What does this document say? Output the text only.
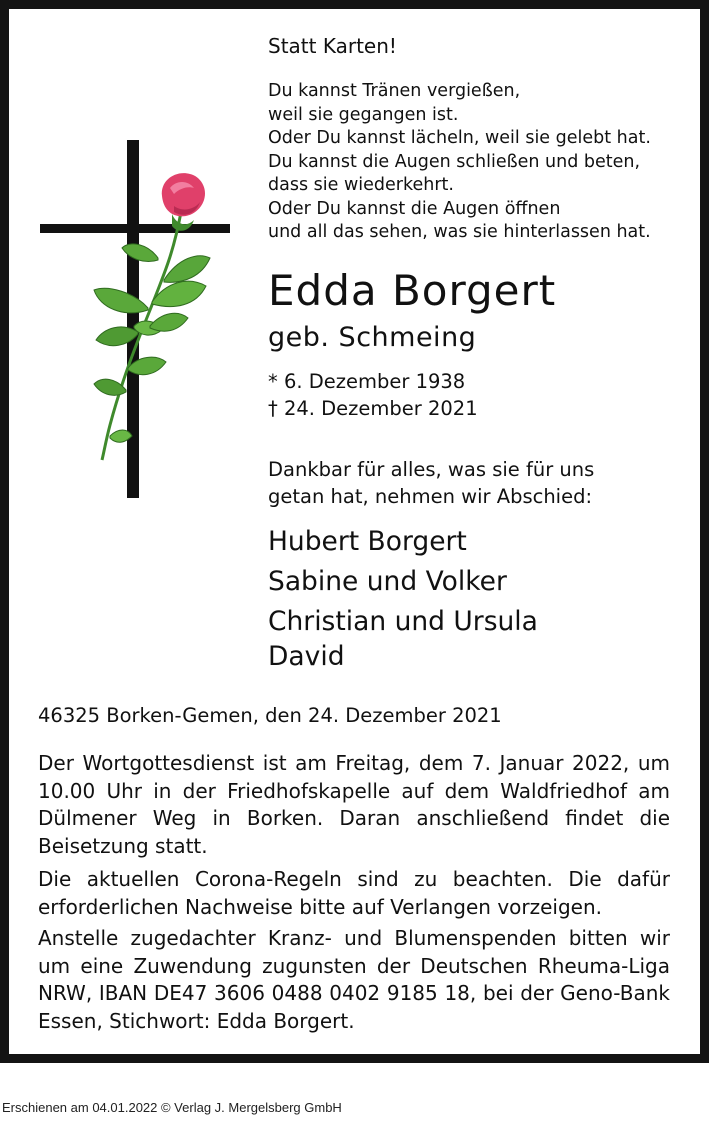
Statt Karten!
Du kannst Tränen vergießen,
weil sie gegangen ist.
Oder Du kannst lächeln, weil sie gelebt hat.
Du kannst die Augen schließen und beten,
dass sie wiederkehrt.
Oder Du kannst die Augen öffnen
und all das sehen, was sie hinterlassen hat.
Edda Borgert
geb. Schmeing
* 6. Dezember 1938
† 24. Dezember 2021
Dankbar für alles, was sie für uns
getan hat, nehmen wir Abschied:
Hubert Borgert
Sabine und Volker
Christian und Ursula
David
46325 Borken-Gemen, den 24. Dezember 2021
Der Wortgottesdienst ist am Freitag, dem 7. Januar 2022, um 10.00 Uhr in der Friedhofskapelle auf dem Waldfriedhof am Dülmener Weg in Borken. Daran anschließend findet die Beisetzung statt.
Die aktuellen Corona-Regeln sind zu beachten. Die dafür erforderlichen Nachweise bitte auf Verlangen vorzeigen.
Anstelle zugedachter Kranz- und Blumenspenden bitten wir um eine Zuwendung zugunsten der Deutschen Rheuma-Liga NRW, IBAN DE47 3606 0488 0402 9185 18, bei der Geno-Bank Essen, Stichwort: Edda Borgert.
Erschienen am 04.01.2022 © Verlag J. Mergelsberg GmbH
